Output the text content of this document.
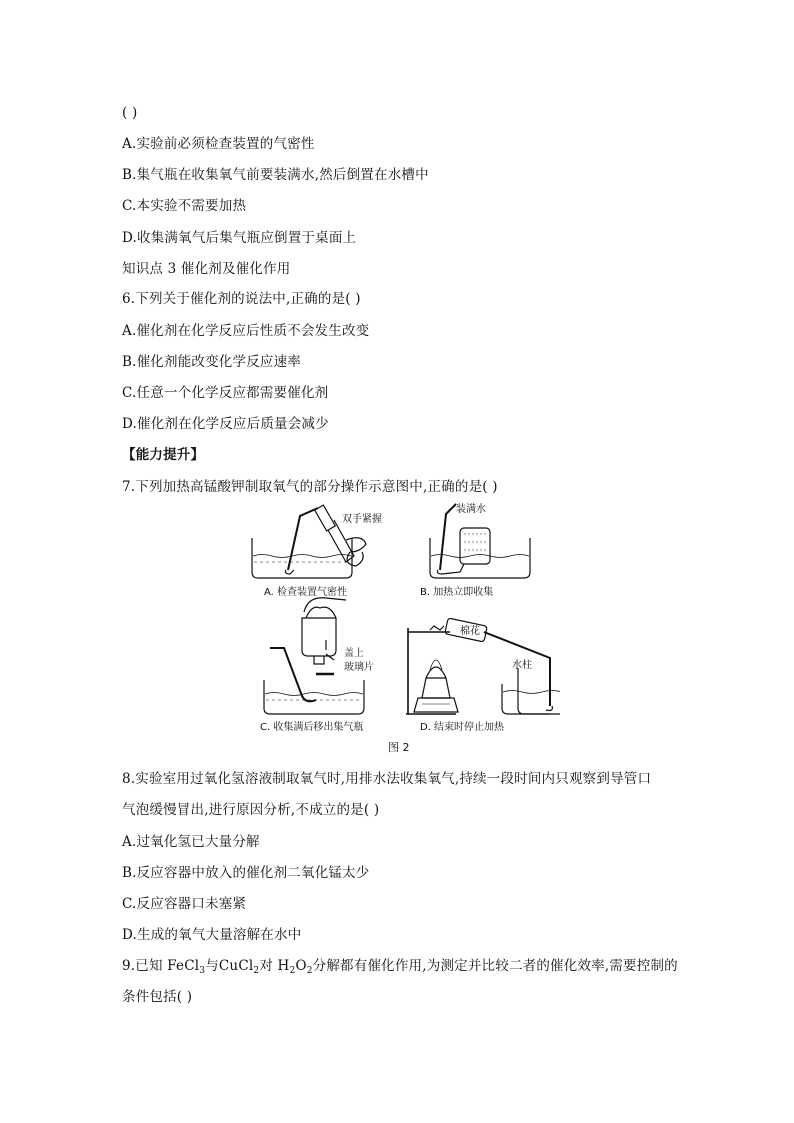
( )
A.实验前必须检查装置的气密性
B.集气瓶在收集氧气前要装满水,然后倒置在水槽中
C.本实验不需要加热
D.收集满氧气后集气瓶应倒置于桌面上
知识点 3 催化剂及催化作用
6.下列关于催化剂的说法中,正确的是( )
A.催化剂在化学反应后性质不会发生改变
B.催化剂能改变化学反应速率
C.任意一个化学反应都需要催化剂
D.催化剂在化学反应后质量会减少
【能力提升】
7.下列加热高锰酸钾制取氧气的部分操作示意图中,正确的是( )
双手紧握
A. 检查装置气密性
装满水
B. 加热立即收集
盖上
玻璃片
C. 收集满后移出集气瓶
棉花
水柱
D. 结束时停止加热
图 2
8.实验室用过氧化氢溶液制取氧气时,用排水法收集氧气,持续一段时间内只观察到导管口
气泡缓慢冒出,进行原因分析,不成立的是( )
A.过氧化氢已大量分解
B.反应容器中放入的催化剂二氧化锰太少
C.反应容器口未塞紧
D.生成的氧气大量溶解在水中
9.已知 FeCl$_3$与CuCl$_2$对 $H_2O_2$分解都有催化作用,为测定并比较二者的催化效率,需要控制的
条件包括( )
